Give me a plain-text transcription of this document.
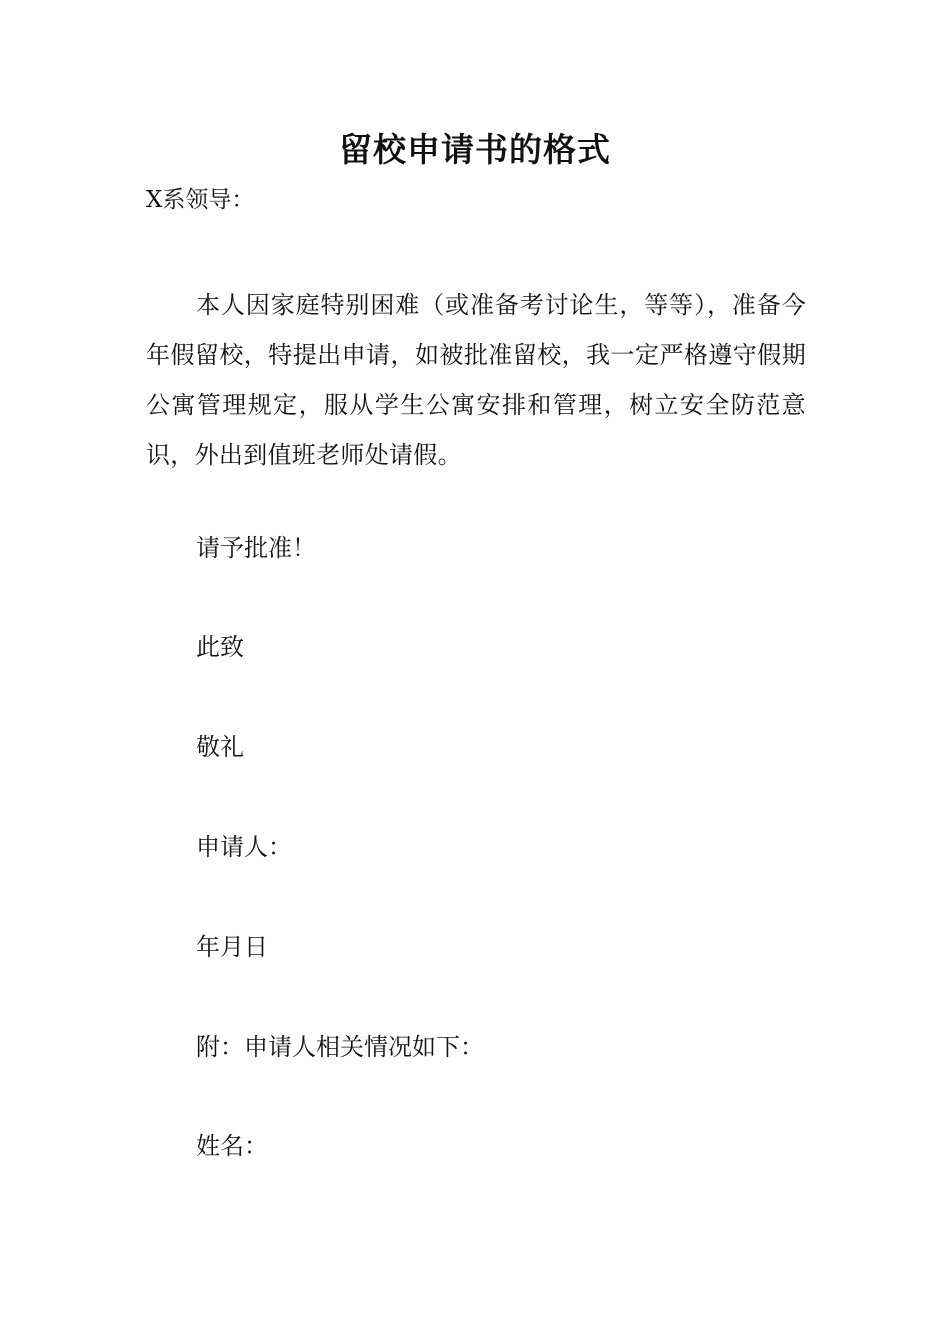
留校申请书的格式
X系领导：
本人因家庭特别困难（或准备考讨论生，等等），准备今年假留校，特提出申请，如被批准留校，我一定严格遵守假期公寓管理规定，服从学生公寓安排和管理，树立安全防范意识，外出到值班老师处请假。
请予批准！
此致
敬礼
申请人：
年月日
附：申请人相关情况如下：
姓名：
